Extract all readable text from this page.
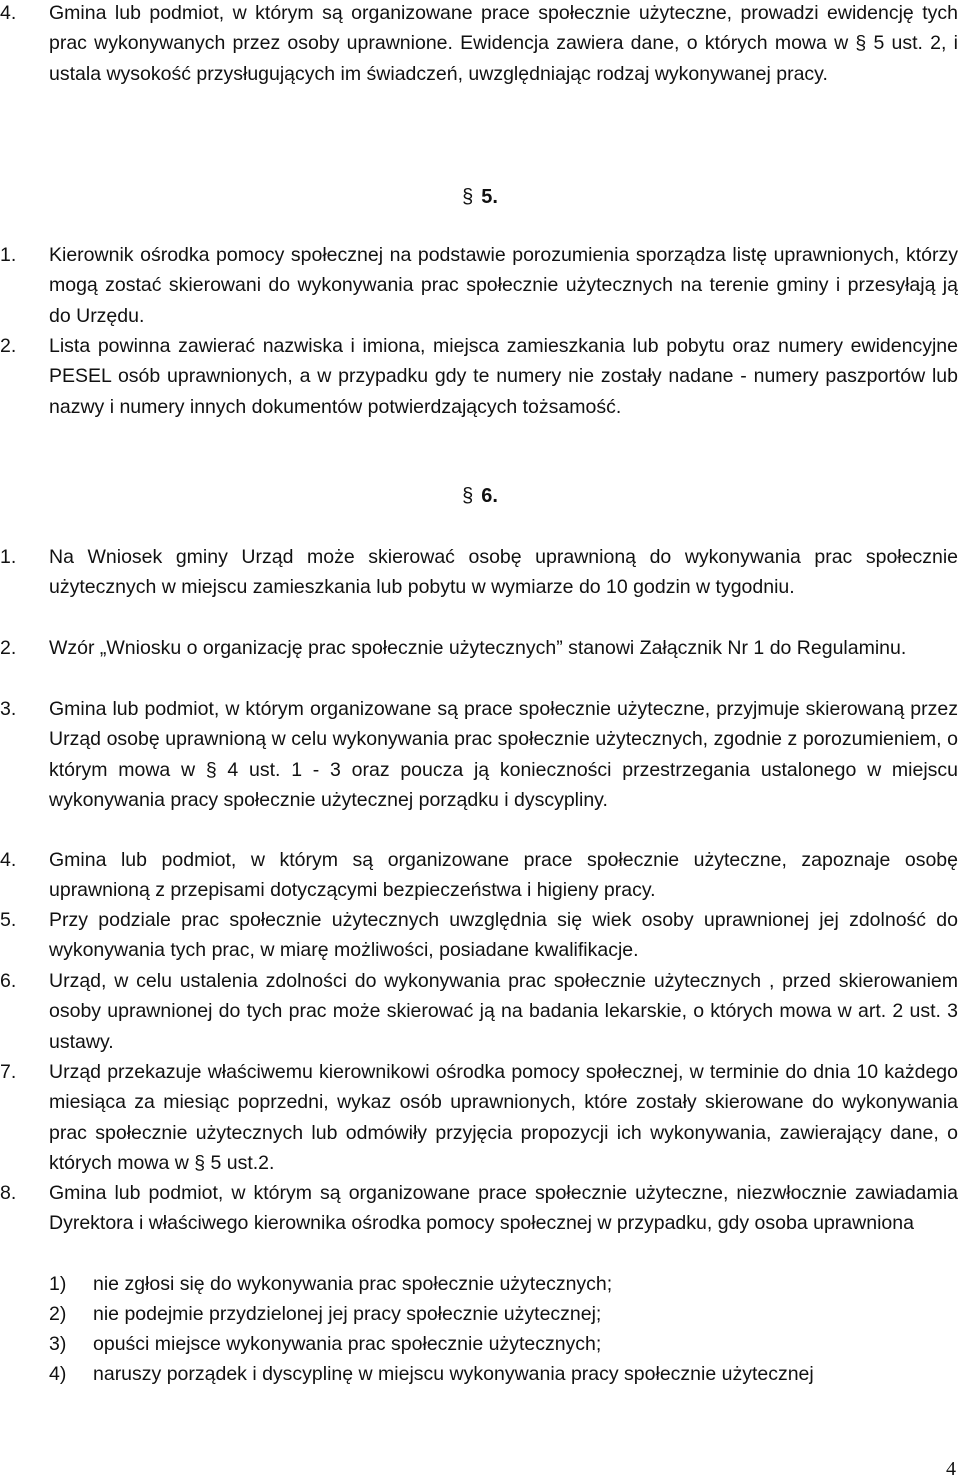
4.	Gmina lub podmiot, w którym są organizowane prace społecznie użyteczne, prowadzi ewidencję tych prac wykonywanych przez osoby uprawnione. Ewidencja zawiera dane, o których mowa w § 5 ust. 2, i ustala wysokość przysługujących im świadczeń, uwzględniając rodzaj wykonywanej pracy.
§ 5.
1.	Kierownik ośrodka pomocy społecznej na podstawie porozumienia sporządza listę uprawnionych, którzy mogą zostać skierowani do wykonywania prac społecznie użytecznych na terenie gminy i przesyłają ją do Urzędu.
2.	Lista powinna zawierać nazwiska i imiona, miejsca zamieszkania lub pobytu oraz numery ewidencyjne PESEL osób uprawnionych, a w przypadku gdy te numery nie zostały nadane - numery paszportów lub nazwy i numery innych dokumentów potwierdzających tożsamość.
§ 6.
1.	Na Wniosek gminy Urząd może skierować osobę uprawnioną do wykonywania prac społecznie użytecznych w miejscu zamieszkania lub pobytu w wymiarze do 10 godzin w tygodniu.
2.	Wzór „Wniosku o organizację prac społecznie użytecznych” stanowi Załącznik Nr 1 do Regulaminu.
3.	Gmina lub podmiot, w którym organizowane są prace społecznie użyteczne, przyjmuje skierowaną przez Urząd osobę uprawnioną w celu wykonywania prac społecznie użytecznych, zgodnie z porozumieniem, o którym mowa w § 4 ust. 1 - 3 oraz poucza ją konieczności przestrzegania ustalonego w miejscu wykonywania pracy społecznie użytecznej porządku i dyscypliny.
4.	Gmina lub podmiot, w którym są organizowane prace społecznie użyteczne, zapoznaje osobę uprawnioną z przepisami dotyczącymi bezpieczeństwa i higieny pracy.
5.	Przy podziale prac społecznie użytecznych uwzględnia się wiek osoby uprawnionej jej zdolność do wykonywania tych prac, w miarę możliwości, posiadane kwalifikacje.
6.	Urząd, w celu ustalenia zdolności do wykonywania prac społecznie użytecznych , przed skierowaniem osoby uprawnionej do tych prac może skierować ją na badania lekarskie, o których mowa w art. 2 ust. 3 ustawy.
7.	Urząd przekazuje właściwemu kierownikowi ośrodka pomocy społecznej, w terminie do dnia 10 każdego miesiąca za miesiąc poprzedni, wykaz osób uprawnionych, które zostały skierowane do wykonywania prac społecznie użytecznych lub odmówiły przyjęcia propozycji ich wykonywania, zawierający dane, o których mowa w § 5 ust.2.
8.	Gmina lub podmiot, w którym są organizowane prace społecznie użyteczne, niezwłocznie zawiadamia Dyrektora i właściwego kierownika ośrodka pomocy społecznej w przypadku, gdy osoba uprawniona
1)	nie zgłosi się do wykonywania prac społecznie użytecznych;
2)	nie podejmie przydzielonej jej pracy społecznie użytecznej;
3)	opuści miejsce wykonywania prac społecznie użytecznych;
4)	naruszy porządek i dyscyplinę w miejscu wykonywania pracy społecznie użytecznej
4
